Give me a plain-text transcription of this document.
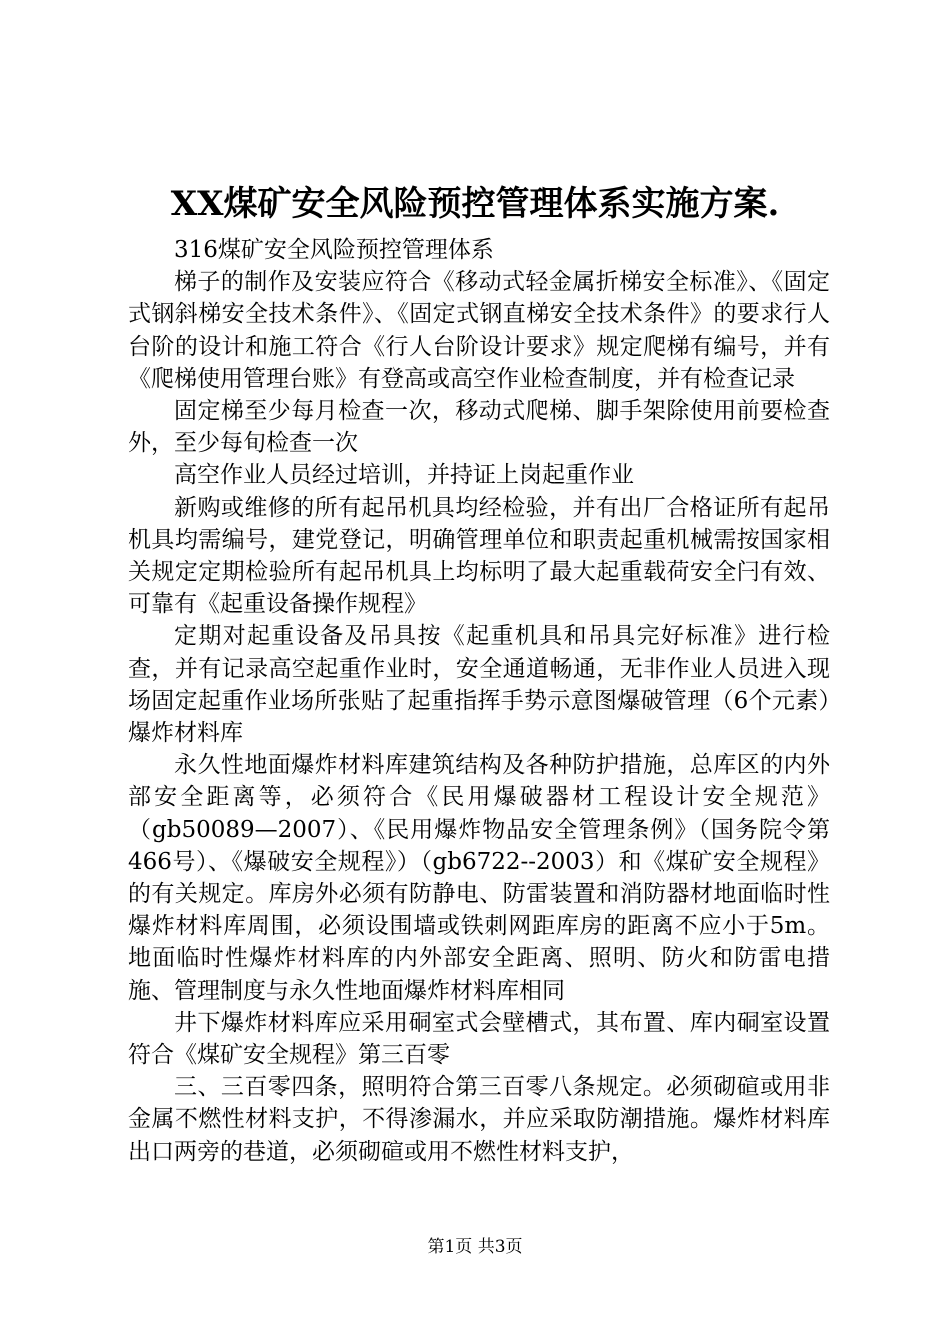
XX煤矿安全风险预控管理体系实施方案.

316煤矿安全风险预控管理体系

梯子的制作及安装应符合《移动式轻金属折梯安全标准》、《固定式钢斜梯安全技术条件》、《固定式钢直梯安全技术条件》的要求行人台阶的设计和施工符合《行人台阶设计要求》规定爬梯有编号，并有《爬梯使用管理台账》有登高或高空作业检查制度，并有检查记录

固定梯至少每月检查一次，移动式爬梯、脚手架除使用前要检查外，至少每旬检查一次

高空作业人员经过培训，并持证上岗起重作业

新购或维修的所有起吊机具均经检验，并有出厂合格证所有起吊机具均需编号，建党登记，明确管理单位和职责起重机械需按国家相关规定定期检验所有起吊机具上均标明了最大起重载荷安全闩有效、可靠有《起重设备操作规程》

定期对起重设备及吊具按《起重机具和吊具完好标准》进行检查，并有记录高空起重作业时，安全通道畅通，无非作业人员进入现场固定起重作业场所张贴了起重指挥手势示意图爆破管理（6个元素）爆炸材料库

永久性地面爆炸材料库建筑结构及各种防护措施，总库区的内外部安全距离等，必须符合《民用爆破器材工程设计安全规范》（gb50089—2007）、《民用爆炸物品安全管理条例》（国务院令第466号）、《爆破安全规程》）（gb6722--2003）和《煤矿安全规程》的有关规定。库房外必须有防静电、防雷装置和消防器材地面临时性爆炸材料库周围，必须设围墙或铁刺网距库房的距离不应小于5m。地面临时性爆炸材料库的内外部安全距离、照明、防火和防雷电措施、管理制度与永久性地面爆炸材料库相同

井下爆炸材料库应采用硐室式会壁槽式，其布置、库内硐室设置符合《煤矿安全规程》第三百零

三、三百零四条，照明符合第三百零八条规定。必须砌碹或用非金属不燃性材料支护，不得渗漏水，并应采取防潮措施。爆炸材料库出口两旁的巷道，必须砌碹或用不燃性材料支护，

第1页 共3页
